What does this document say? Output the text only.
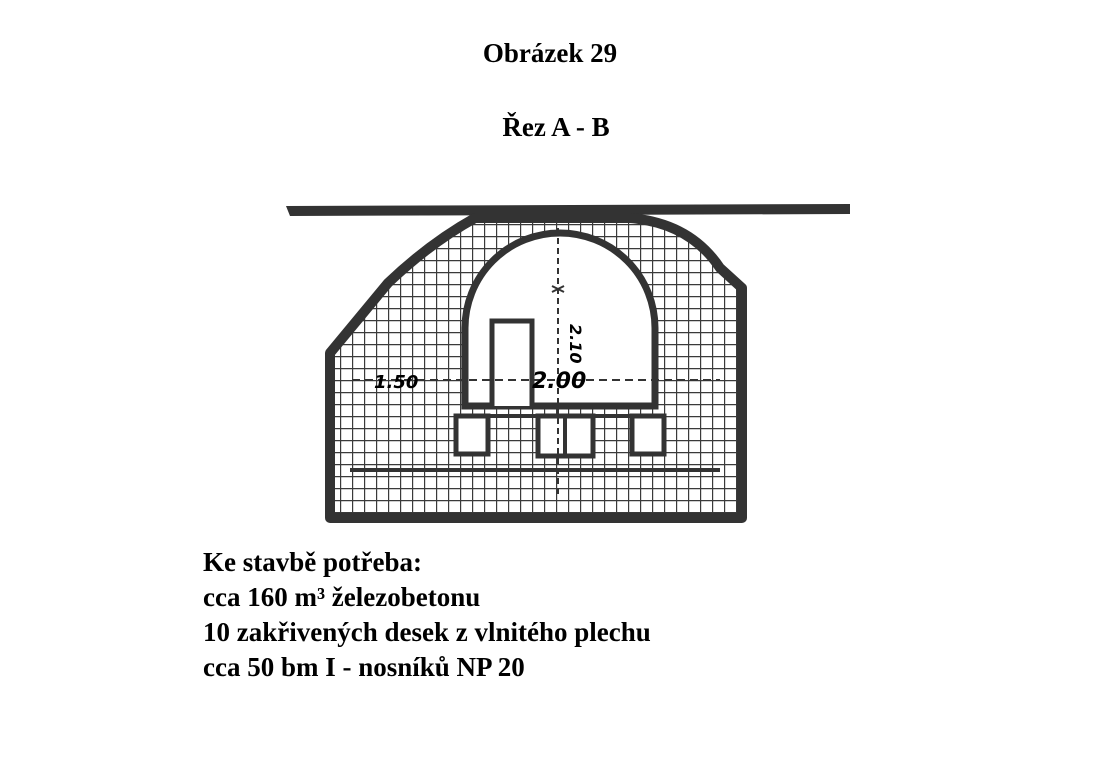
Obrázek 29
Řez A - B
2.10
1.50	2.00
Ke stavbě potřeba:
cca 160 m³ železobetonu
10 zakřivených desek z vlnitého plechu
cca 50 bm I - nosníků NP 20
